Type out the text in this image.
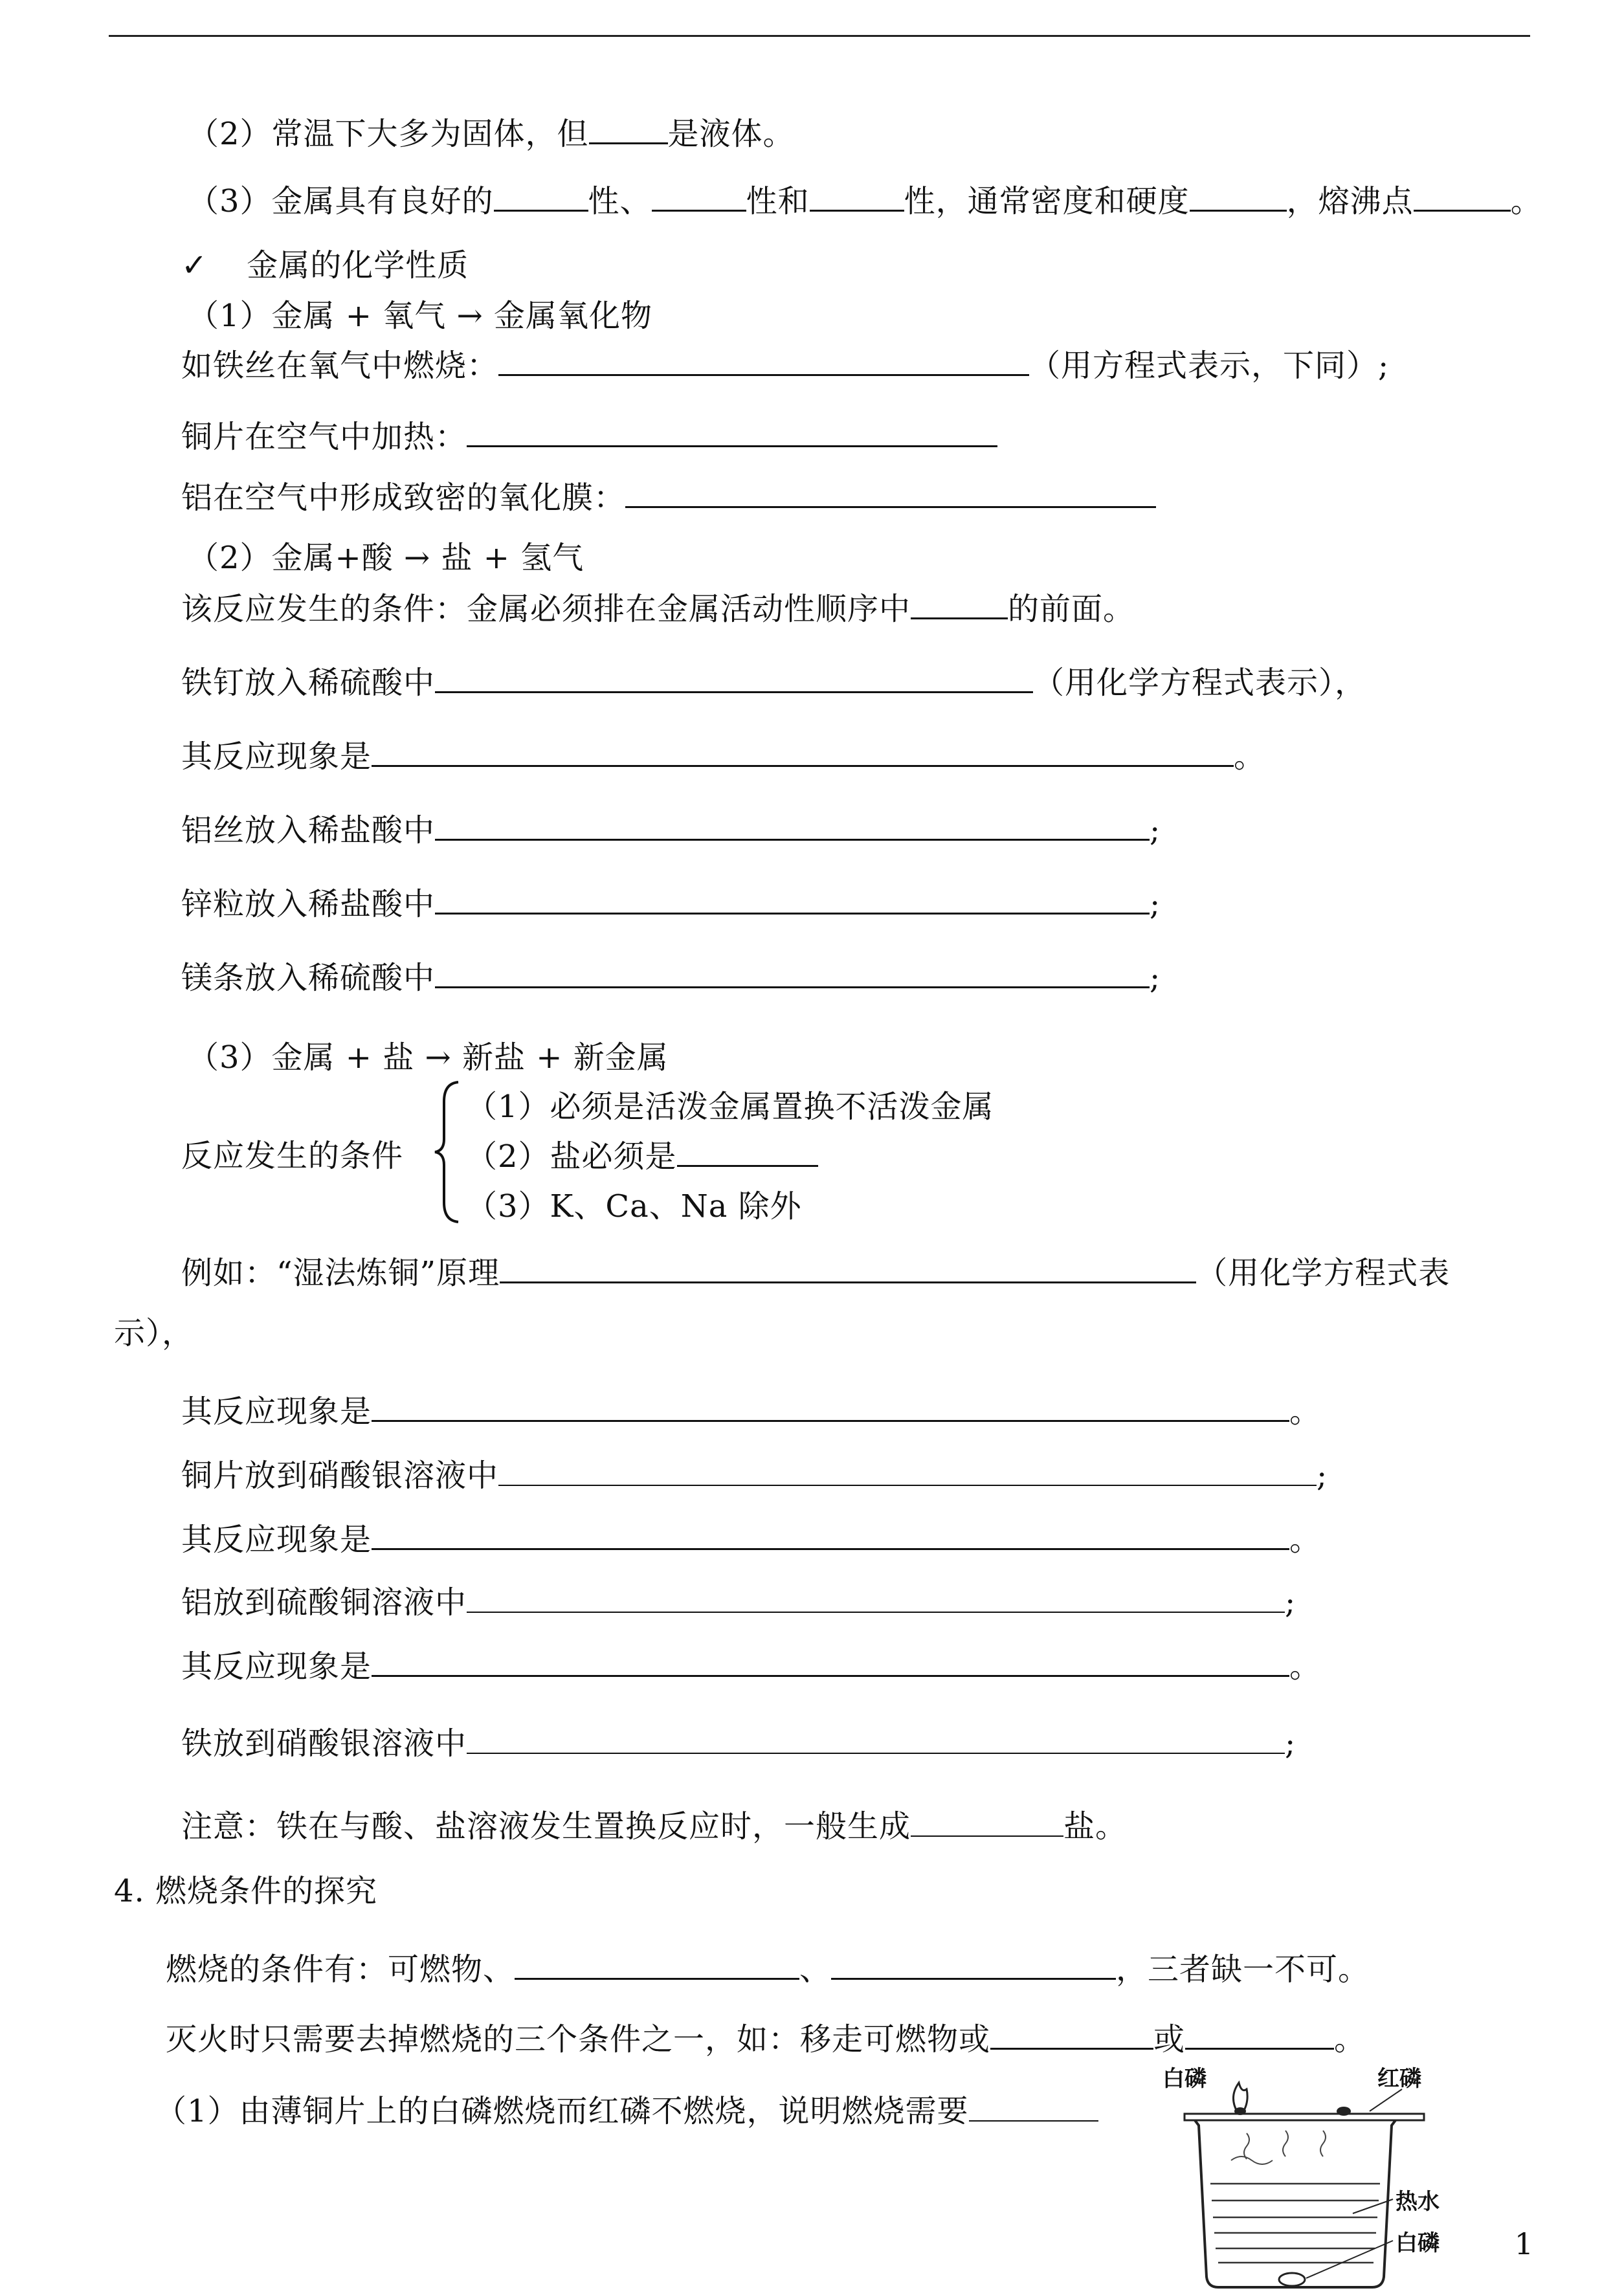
（2）常温下大多为固体，但	是液体。
（3）金属具有良好的	性、	性和	性，通常密度和硬度	，熔沸点	。
✓ 金属的化学性质
（1）金属 + 氧气 → 金属氧化物
如铁丝在氧气中燃烧：	（用方程式表示，下同）;
铜片在空气中加热：
铝在空气中形成致密的氧化膜：
（2）金属+酸 → 盐 + 氢气
该反应发生的条件：金属必须排在金属活动性顺序中	的前面。
铁钉放入稀硫酸中	（用化学方程式表示），
其反应现象是	。
铝丝放入稀盐酸中	;
锌粒放入稀盐酸中	;
镁条放入稀硫酸中	;
（3）金属 + 盐 → 新盐 + 新金属
反应发生的条件
（1）必须是活泼金属置换不活泼金属
（2）盐必须是
（3）K、Ca、Na 除外
例如：“湿法炼铜”原理	（用化学方程式表
示），
其反应现象是	。
铜片放到硝酸银溶液中	;
其反应现象是	。
铝放到硫酸铜溶液中	;
其反应现象是	。
铁放到硝酸银溶液中	;
注意：铁在与酸、盐溶液发生置换反应时，一般生成	盐。
4. 燃烧条件的探究
燃烧的条件有：可燃物、	、	，三者缺一不可。
灭火时只需要去掉燃烧的三个条件之一，如：移走可燃物或	或	。
（1）由薄铜片上的白磷燃烧而红磷不燃烧，说明燃烧需要
白磷	红磷
热水
白磷	1
